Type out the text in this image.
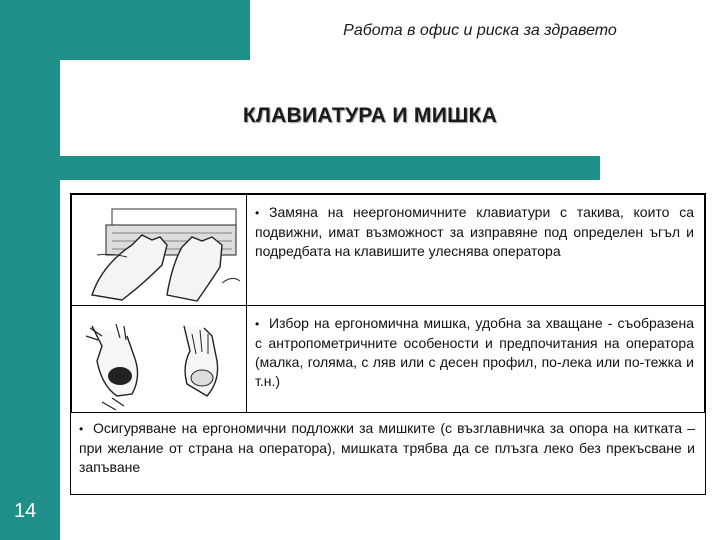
Работа в офис и риска за здравето
КЛАВИАТУРА И МИШКА
14
• Замяна на неергономичните клавиатури с такива, които са подвижни, имат възможност за изправяне под определен ъгъл и подредбата на клавишите улеснява оператора
• Избор на ергономична мишка, удобна за хващане - съобразена с антропометричните особености и предпочитания на оператора (малка, голяма, с ляв или с десен профил, по-лека или по-тежка и т.н.)
• Осигуряване на ергономични подложки за мишките (с възглавничка за опора на китката – при желание от страна на оператора), мишката трябва да се плъзга леко без прекъсване и запъване
